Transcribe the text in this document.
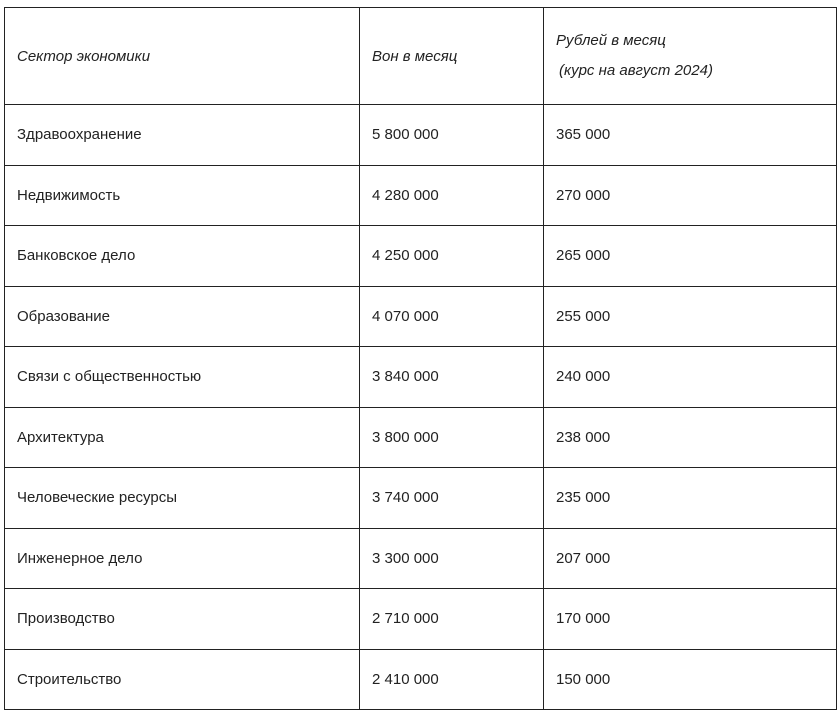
Сектор экономики	Вон в месяц	Рублей в месяц
(курс на август 2024)

Здравоохранение	5 800 000	365 000
Недвижимость	4 280 000	270 000
Банковское дело	4 250 000	265 000
Образование	4 070 000	255 000
Связи с общественностью	3 840 000	240 000
Архитектура	3 800 000	238 000
Человеческие ресурсы	3 740 000	235 000
Инженерное дело	3 300 000	207 000
Производство	2 710 000	170 000
Строительство	2 410 000	150 000
